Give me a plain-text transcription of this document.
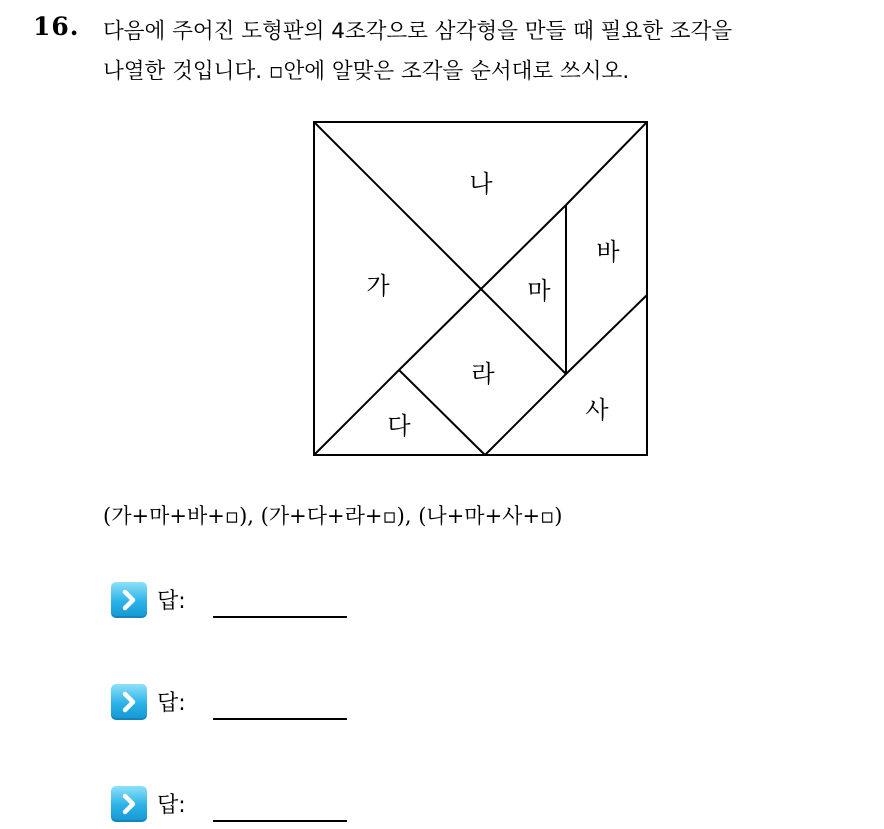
16. 다음에 주어진 도형판의 4조각으로 삼각형을 만들 때 필요한 조각을
나열한 것입니다. ▫안에 알맞은 조각을 순서대로 쓰시오.
나
가
바
마
라
사
다
(가+마+바+▫), (가+다+라+▫), (나+마+사+▫)
답:
답:
답:
